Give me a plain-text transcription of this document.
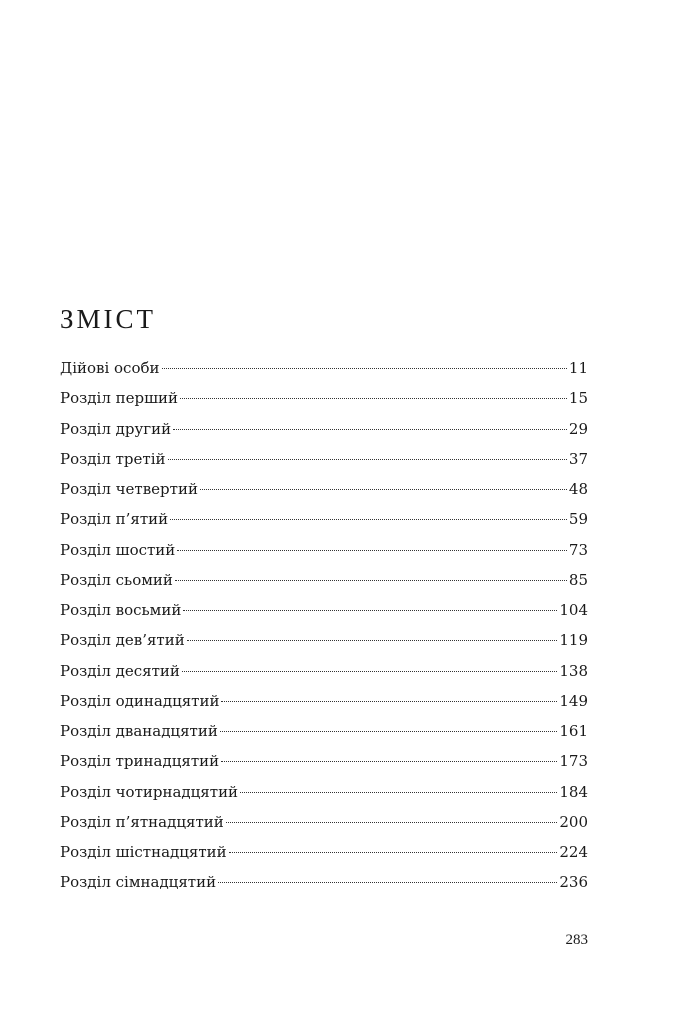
ЗМІСТ
Дійові особи	11
Розділ перший	15
Розділ другий	29
Розділ третій	37
Розділ четвертий	48
Розділ п’ятий	59
Розділ шостий	73
Розділ сьомий	85
Розділ восьмий	104
Розділ дев’ятий	119
Розділ десятий	138
Розділ одинадцятий	149
Розділ дванадцятий	161
Розділ тринадцятий	173
Розділ чотирнадцятий	184
Розділ п’ятнадцятий	200
Розділ шістнадцятий	224
Розділ сімнадцятий	236
283
